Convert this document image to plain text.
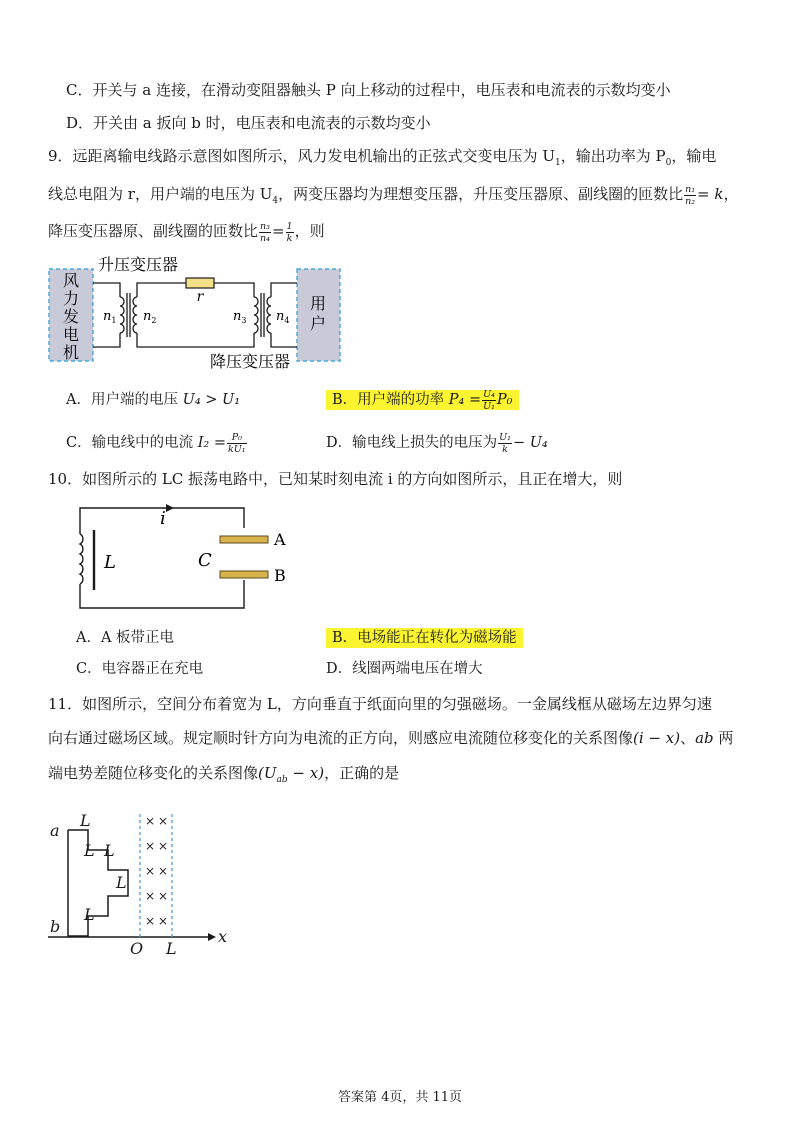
C．开关与 a 连接，在滑动变阻器触头 P 向上移动的过程中，电压表和电流表的示数均变小
D．开关由 a 扳向 b 时，电压表和电流表的示数均变小
9．远距离输电线路示意图如图所示，风力发电机输出的正弦式交变电压为 $U_1$，输出功率为 $P_0$，输电
线总电阻为 r，用户端的电压为 $U_4$，两变压器均为理想变压器，升压变压器原、副线圈的匝数比 $\frac{\text{n₁}}{\text{n₂}} = k$，
降压变压器原、副线圈的匝数比 $\frac{\text{n₃}}{\text{n₄}} = \frac{1}{k}$ ，则
风
力
发
电
机
用
户
r
升压变压器
降压变压器
$n_1$ $n_2$	$n_3$ $n_4$
A．用户端的电压 U₄ > U₁	B．用户端的功率 $P_4 = \frac{\text{U₄}}{\text{U₁}} P_0$
C．输电线中的电流 $I_2 = \frac{\text{P₀}}{\text{kU₁}}$	D．输电线上损失的电压为 $\frac{\text{U₁}}{k} - U_4$
10．如图所示的 LC 振荡电路中，已知某时刻电流 i 的方向如图所示，且正在增大，则
i
L	C
A
B
A．A 板带正电	B．电场能正在转化为磁场能
C．电容器正在充电	D．线圈两端电压在增大
11．如图所示，空间分布着宽为 L，方向垂直于纸面向里的匀强磁场。一金属线框从磁场左边界匀速
向右通过磁场区域。规定顺时针方向为电流的正方向，则感应电流随位移变化的关系图像(i − x)、ab 两
端电势差随位移变化的关系图像$(U_{ab} - x)$，正确的是
× ×
× ×
× ×
× ×
× ×
a
b
L
L L
L
L
O L
x
答案第 4页，共 11页
